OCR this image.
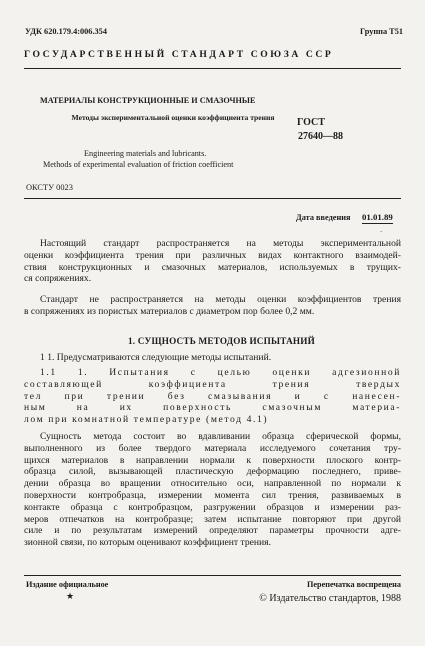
УДК 620.179.4:006.354	Группа Т51
ГОСУДАРСТВЕННЫЙ СТАНДАРТ СОЮЗА ССР
МАТЕРИАЛЫ КОНСТРУКЦИОННЫЕ И СМАЗОЧНЫЕ
Методы экспериментальной оценки коэффициента трения	ГОСТ
27640—88
Engineering materials and lubricants.
Methods of experimental evaluation of friction coefficient
ОКСТУ 0023
Дата введения 01.01.89
ˋ
Настоящий стандарт распространяется на методы экспериментальной
оценки коэффициента трения при различных видах контактного взаимодей-
ствия конструкционных и смазочных материалов, используемых в трущих-
ся сопряжениях.
Стандарт не распространяется на методы оценки коэффициентов трения
в сопряжениях из пористых материалов с диаметром пор более 0,2 мм.
1. СУЩНОСТЬ МЕТОДОВ ИСПЫТАНИЙ
1 1. Предусматриваются следующие методы испытаний.
1.1 1. Испытания с целью оценки адгезионной
составляющей коэффициента трения твердых
тел при трении без смазывания и с нанесен-
ным на их поверхность смазочным материа-
лом при комнатной температуре (метод 4.1)
Сущность метода состоит во вдавливании образца сферической формы,
выполненного из более твердого материала исследуемого сочетания тру-
щихся материалов в направлении нормали к поверхности плоского контр-
образца силой, вызывающей пластическую деформацию последнего, приве-
дении образца во вращении относительно оси, направленной по нормали к
поверхности контробразца, измерении момента сил трения, развиваемых в
контакте образца с контробразцом, разгружении образцов и измерении раз-
меров отпечатков на контробразце; затем испытание повторяют при другой
силе и по результатам измерений определяют параметры прочности адге-
зионной связи, по которым оценивают коэффициент трения.
Издание официальное	Перепечатка воспрещена
★	© Издательство стандартов, 1988
